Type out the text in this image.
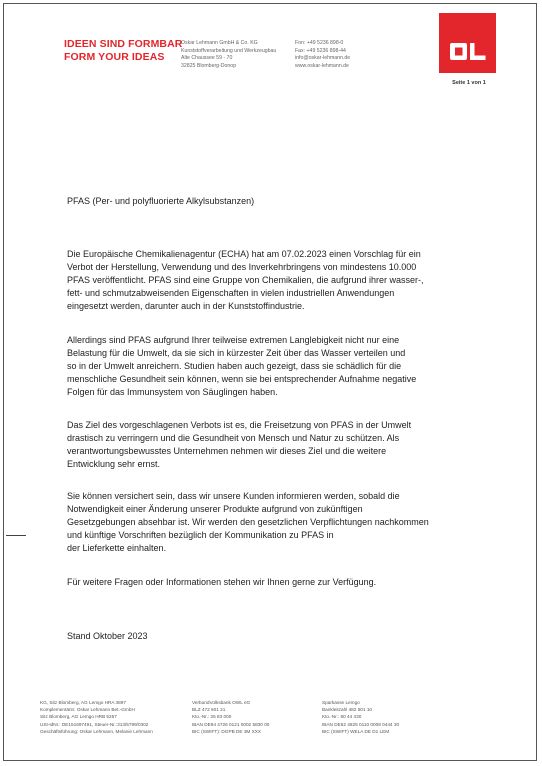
IDEEN SIND FORMBAR
FORM YOUR IDEAS
Oskar Lehmann GmbH & Co. KG
Kunststoffverarbeitung und Werkzeugbau
Alte Chaussee 59 - 70
32825 Blomberg-Donop
Fon: +49 5236 898-0
Fax: +49 5236 898-44
info@oskar-lehmann.de
www.oskar-lehmann.de
Seite 1 von 1
PFAS (Per- und polyfluorierte Alkylsubstanzen)
Die Europäische Chemikalienagentur (ECHA) hat am 07.02.2023 einen Vorschlag für ein
Verbot der Herstellung, Verwendung und des Inverkehrbringens von mindestens 10.000
PFAS veröffentlicht. PFAS sind eine Gruppe von Chemikalien, die aufgrund ihrer wasser-,
fett- und schmutzabweisenden Eigenschaften in vielen industriellen Anwendungen
eingesetzt werden, darunter auch in der Kunststoffindustrie.
Allerdings sind PFAS aufgrund Ihrer teilweise extremen Langlebigkeit nicht nur eine
Belastung für die Umwelt, da sie sich in kürzester Zeit über das Wasser verteilen und
so in der Umwelt anreichern. Studien haben auch gezeigt, dass sie schädlich für die
menschliche Gesundheit sein können, wenn sie bei entsprechender Aufnahme negative
Folgen für das Immunsystem von Säuglingen haben.
Das Ziel des vorgeschlagenen Verbots ist es, die Freisetzung von PFAS in der Umwelt
drastisch zu verringern und die Gesundheit von Mensch und Natur zu schützen. Als
verantwortungsbewusstes Unternehmen nehmen wir dieses Ziel und die weitere
Entwicklung sehr ernst.
Sie können versichert sein, dass wir unsere Kunden informieren werden, sobald die
Notwendigkeit einer Änderung unserer Produkte aufgrund von zukünftigen
Gesetzgebungen absehbar ist. Wir werden den gesetzlichen Verpflichtungen nachkommen
und künftige Vorschriften bezüglich der Kommunikation zu PFAS in
der Lieferkette einhalten.
Für weitere Fragen oder Informationen stehen wir Ihnen gerne zur Verfügung.
Stand Oktober 2023
KG, Sitz Blomberg, AG Lemgo HRA 3897
Komplementärin: Oskar Lehmann Bet.-GmbH
Sitz Blomberg, AG Lemgo HRB 5257
USt-IdNr.: DE151697491, Steuer-Nr.:313/5799/0302
Geschäftsführung: Oskar Lehmann, Melanie Lehmann
VerbundVolksbank OWL eG
BLZ 472 601 21
Kto.-Nr.: 25 83 000
IBAN DE94 4726 0121 0002 5830 00
BIC (SWIFT): DGPB DE 3M XXX
Sparkasse Lemgo
Bankleitzahl 482 501 10
Kto.-Nr.: 80 44 430
IBAN DE62 4825 0110 0008 0444 30
BIC (SWIFT) WELA DE D1 LEM
